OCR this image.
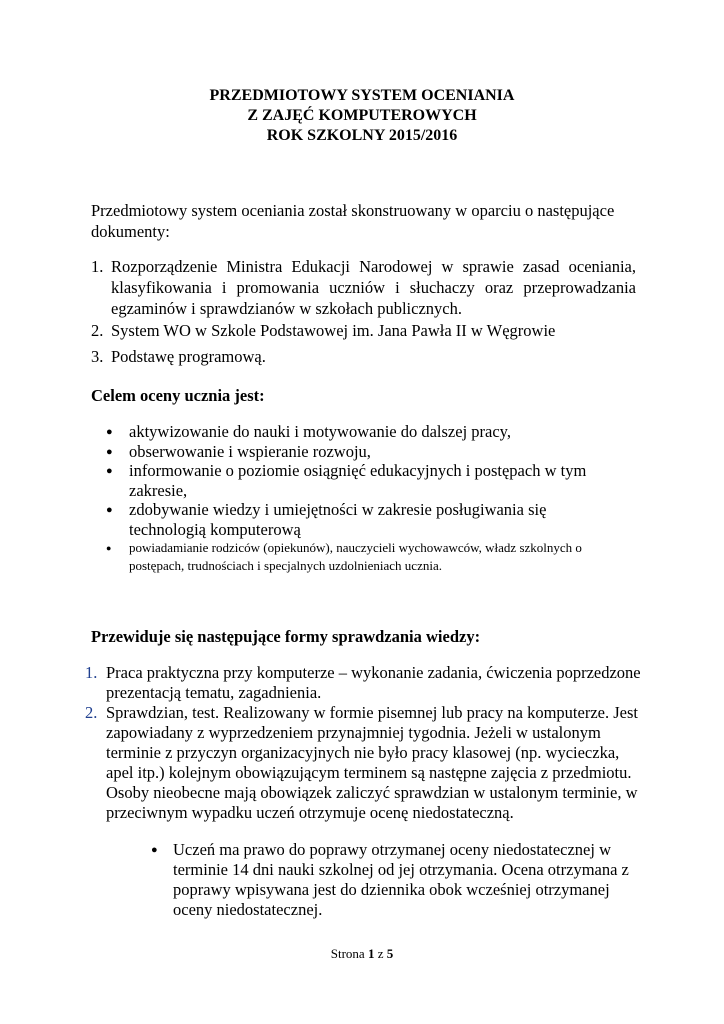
PRZEDMIOTOWY SYSTEM OCENIANIA
Z ZAJĘĆ KOMPUTEROWYCH
ROK SZKOLNY 2015/2016
Przedmiotowy system oceniania został skonstruowany w oparciu o następujące dokumenty:
1. Rozporządzenie Ministra Edukacji Narodowej w sprawie zasad oceniania, klasyfikowania i promowania uczniów i słuchaczy oraz przeprowadzania egzaminów i sprawdzianów w szkołach publicznych.
2. System WO w Szkole Podstawowej im. Jana Pawła II w Węgrowie
3. Podstawę programową.
Celem oceny ucznia jest:
● aktywizowanie do nauki i motywowanie do dalszej pracy,
● obserwowanie i wspieranie rozwoju,
● informowanie o poziomie osiągnięć edukacyjnych i postępach w tym zakresie,
● zdobywanie wiedzy i umiejętności w zakresie posługiwania się technologią komputerową
● powiadamianie rodziców (opiekunów), nauczycieli wychowawców, władz szkolnych o postępach, trudnościach i specjalnych uzdolnieniach ucznia.
Przewiduje się następujące formy sprawdzania wiedzy:
1. Praca praktyczna przy komputerze – wykonanie zadania, ćwiczenia poprzedzone prezentacją tematu, zagadnienia.
2. Sprawdzian, test. Realizowany w formie pisemnej lub pracy na komputerze. Jest zapowiadany z wyprzedzeniem przynajmniej tygodnia. Jeżeli w ustalonym terminie z przyczyn organizacyjnych nie było pracy klasowej (np. wycieczka, apel itp.) kolejnym obowiązującym terminem są następne zajęcia z przedmiotu. Osoby nieobecne mają obowiązek zaliczyć sprawdzian w ustalonym terminie, w przeciwnym wypadku uczeń otrzymuje ocenę niedostateczną.
● Uczeń ma prawo do poprawy otrzymanej oceny niedostatecznej w terminie 14 dni nauki szkolnej od jej otrzymania. Ocena otrzymana z poprawy wpisywana jest do dziennika obok wcześniej otrzymanej oceny niedostatecznej.
Strona 1 z 5
